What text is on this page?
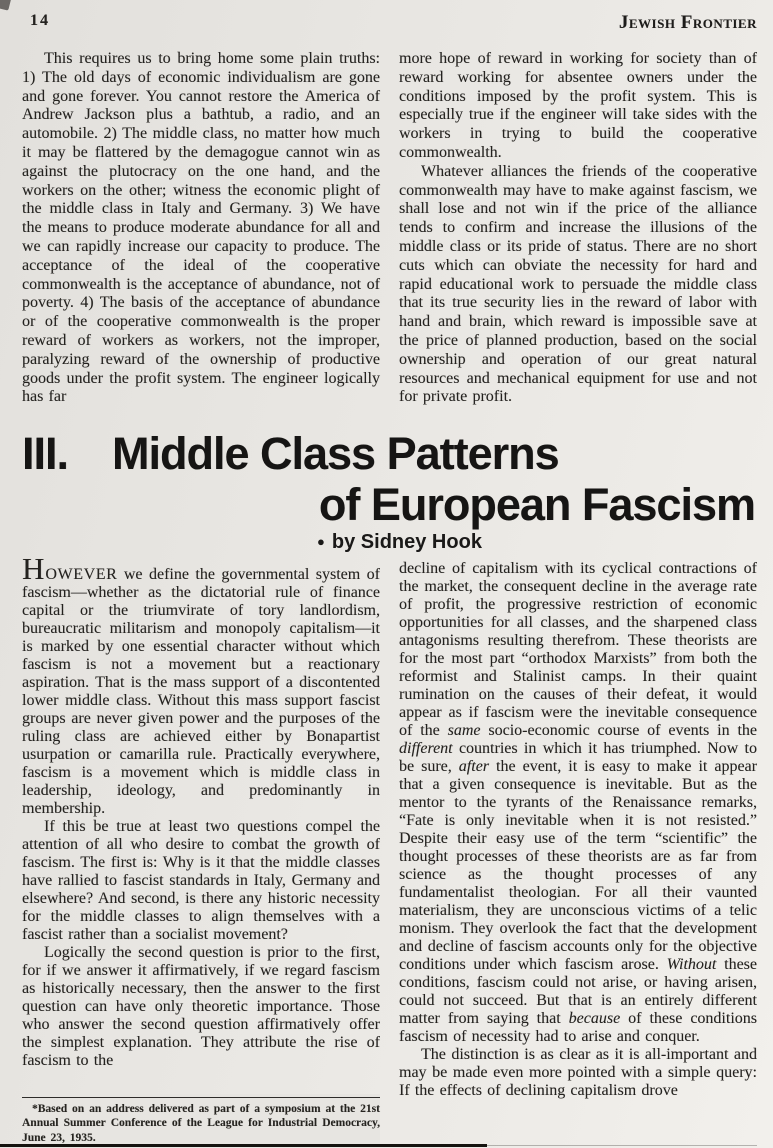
14	Jewish Frontier

This requires us to bring home some plain truths: 1) The old days of economic individualism are gone and gone forever. You cannot restore the America of Andrew Jackson plus a bathtub, a radio, and an automobile. 2) The middle class, no matter how much it may be flattered by the demagogue cannot win as against the plutocracy on the one hand, and the workers on the other; witness the economic plight of the middle class in Italy and Germany. 3) We have the means to produce moderate abundance for all and we can rapidly increase our capacity to produce. The acceptance of the ideal of the cooperative commonwealth is the acceptance of abundance, not of poverty. 4) The basis of the acceptance of abundance or of the cooperative commonwealth is the proper reward of workers as workers, not the improper, paralyzing reward of the ownership of productive goods under the profit system. The engineer logically has far

more hope of reward in working for society than of reward working for absentee owners under the conditions imposed by the profit system. This is especially true if the engineer will take sides with the workers in trying to build the cooperative commonwealth.

Whatever alliances the friends of the cooperative commonwealth may have to make against fascism, we shall lose and not win if the price of the alliance tends to confirm and increase the illusions of the middle class or its pride of status. There are no short cuts which can obviate the necessity for hard and rapid educational work to persuade the middle class that its true security lies in the reward of labor with hand and brain, which reward is impossible save at the price of planned production, based on the social ownership and operation of our great natural resources and mechanical equipment for use and not for private profit.

III. Middle Class Patterns
of European Fascism
● by Sidney Hook

HOWEVER we define the governmental system of fascism—whether as the dictatorial rule of finance capital or the triumvirate of tory landlordism, bureaucratic militarism and monopoly capitalism—it is marked by one essential character without which fascism is not a movement but a reactionary aspiration. That is the mass support of a discontented lower middle class. Without this mass support fascist groups are never given power and the purposes of the ruling class are achieved either by Bonapartist usurpation or camarilla rule. Practically everywhere, fascism is a movement which is middle class in leadership, ideology, and predominantly in membership.

If this be true at least two questions compel the attention of all who desire to combat the growth of fascism. The first is: Why is it that the middle classes have rallied to fascist standards in Italy, Germany and elsewhere? And second, is there any historic necessity for the middle classes to align themselves with a fascist rather than a socialist movement?

Logically the second question is prior to the first, for if we answer it affirmatively, if we regard fascism as historically necessary, then the answer to the first question can have only theoretic importance. Those who answer the second question affirmatively offer the simplest explanation. They attribute the rise of fascism to the

decline of capitalism with its cyclical contractions of the market, the consequent decline in the average rate of profit, the progressive restriction of economic opportunities for all classes, and the sharpened class antagonisms resulting therefrom. These theorists are for the most part “orthodox Marxists” from both the reformist and Stalinist camps. In their quaint rumination on the causes of their defeat, it would appear as if fascism were the inevitable consequence of the same socio-economic course of events in the different countries in which it has triumphed. Now to be sure, after the event, it is easy to make it appear that a given consequence is inevitable. But as the mentor to the tyrants of the Renaissance remarks, “Fate is only inevitable when it is not resisted.” Despite their easy use of the term “scientific” the thought processes of these theorists are as far from science as the thought processes of any fundamentalist theologian. For all their vaunted materialism, they are unconscious victims of a telic monism. They overlook the fact that the development and decline of fascism accounts only for the objective conditions under which fascism arose. Without these conditions, fascism could not arise, or having arisen, could not succeed. But that is an entirely different matter from saying that because of these conditions fascism of necessity had to arise and conquer.

The distinction is as clear as it is all-important and may be made even more pointed with a simple query: If the effects of declining capitalism drove

*Based on an address delivered as part of a symposium at the 21st Annual Summer Conference of the League for Industrial Democracy, June 23, 1935.
